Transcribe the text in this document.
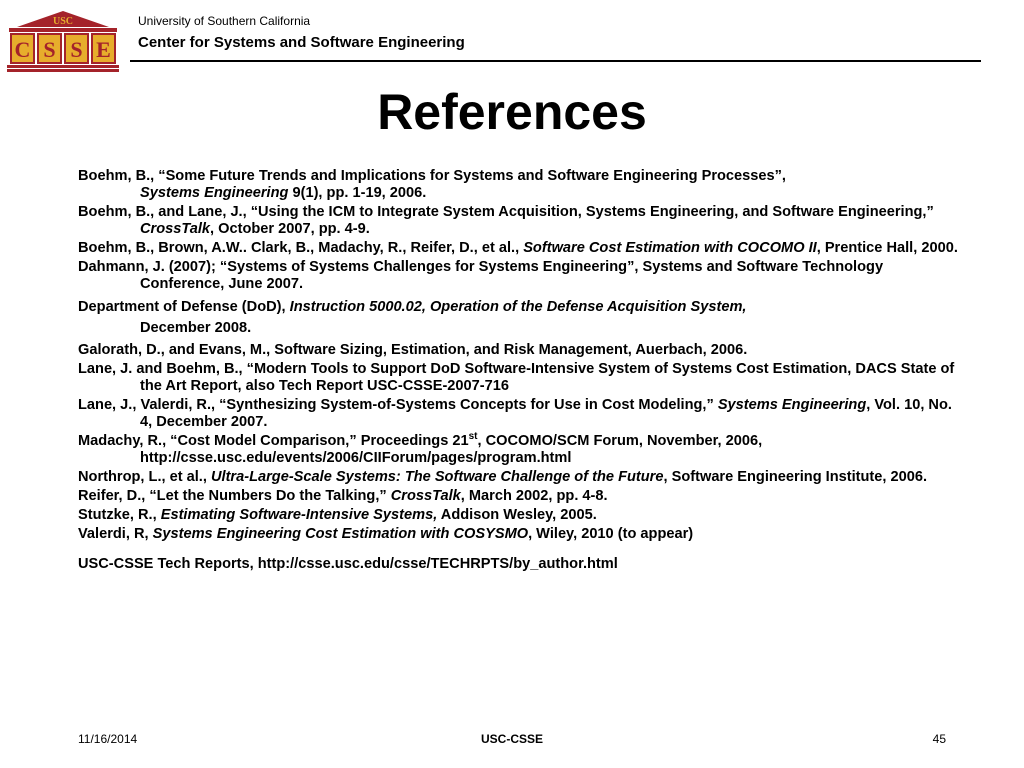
USC
C S S E
University of Southern California
Center for Systems and Software Engineering
References
Boehm, B., “Some Future Trends and Implications for Systems and Software Engineering Processes”,
Systems Engineering 9(1), pp. 1-19, 2006.
Boehm, B., and Lane, J., “Using the ICM to Integrate System Acquisition, Systems Engineering, and Software Engineering,” CrossTalk, October 2007, pp. 4-9.
Boehm, B., Brown, A.W.. Clark, B., Madachy, R., Reifer, D., et al., Software Cost Estimation with COCOMO II, Prentice Hall, 2000.
Dahmann, J. (2007); “Systems of Systems Challenges for Systems Engineering”, Systems and Software Technology Conference, June 2007.
Department of Defense (DoD), Instruction 5000.02, Operation of the Defense Acquisition System,
December 2008.
Galorath, D., and Evans, M., Software Sizing, Estimation, and Risk Management, Auerbach, 2006.
Lane, J. and Boehm, B., “Modern Tools to Support DoD Software-Intensive System of Systems Cost Estimation, DACS State of the Art Report, also Tech Report USC-CSSE-2007-716
Lane, J., Valerdi, R., “Synthesizing System-of-Systems Concepts for Use in Cost Modeling,” Systems Engineering, Vol. 10, No. 4, December 2007.
Madachy, R., “Cost Model Comparison,” Proceedings 21st, COCOMO/SCM Forum, November, 2006, http://csse.usc.edu/events/2006/CIIForum/pages/program.html
Northrop, L., et al., Ultra-Large-Scale Systems: The Software Challenge of the Future, Software Engineering Institute, 2006.
Reifer, D., “Let the Numbers Do the Talking,” CrossTalk, March 2002, pp. 4-8.
Stutzke, R., Estimating Software-Intensive Systems, Addison Wesley, 2005.
Valerdi, R, Systems Engineering Cost Estimation with COSYSMO, Wiley, 2010 (to appear)
USC-CSSE Tech Reports, http://csse.usc.edu/csse/TECHRPTS/by_author.html
11/16/2014	USC-CSSE	45
